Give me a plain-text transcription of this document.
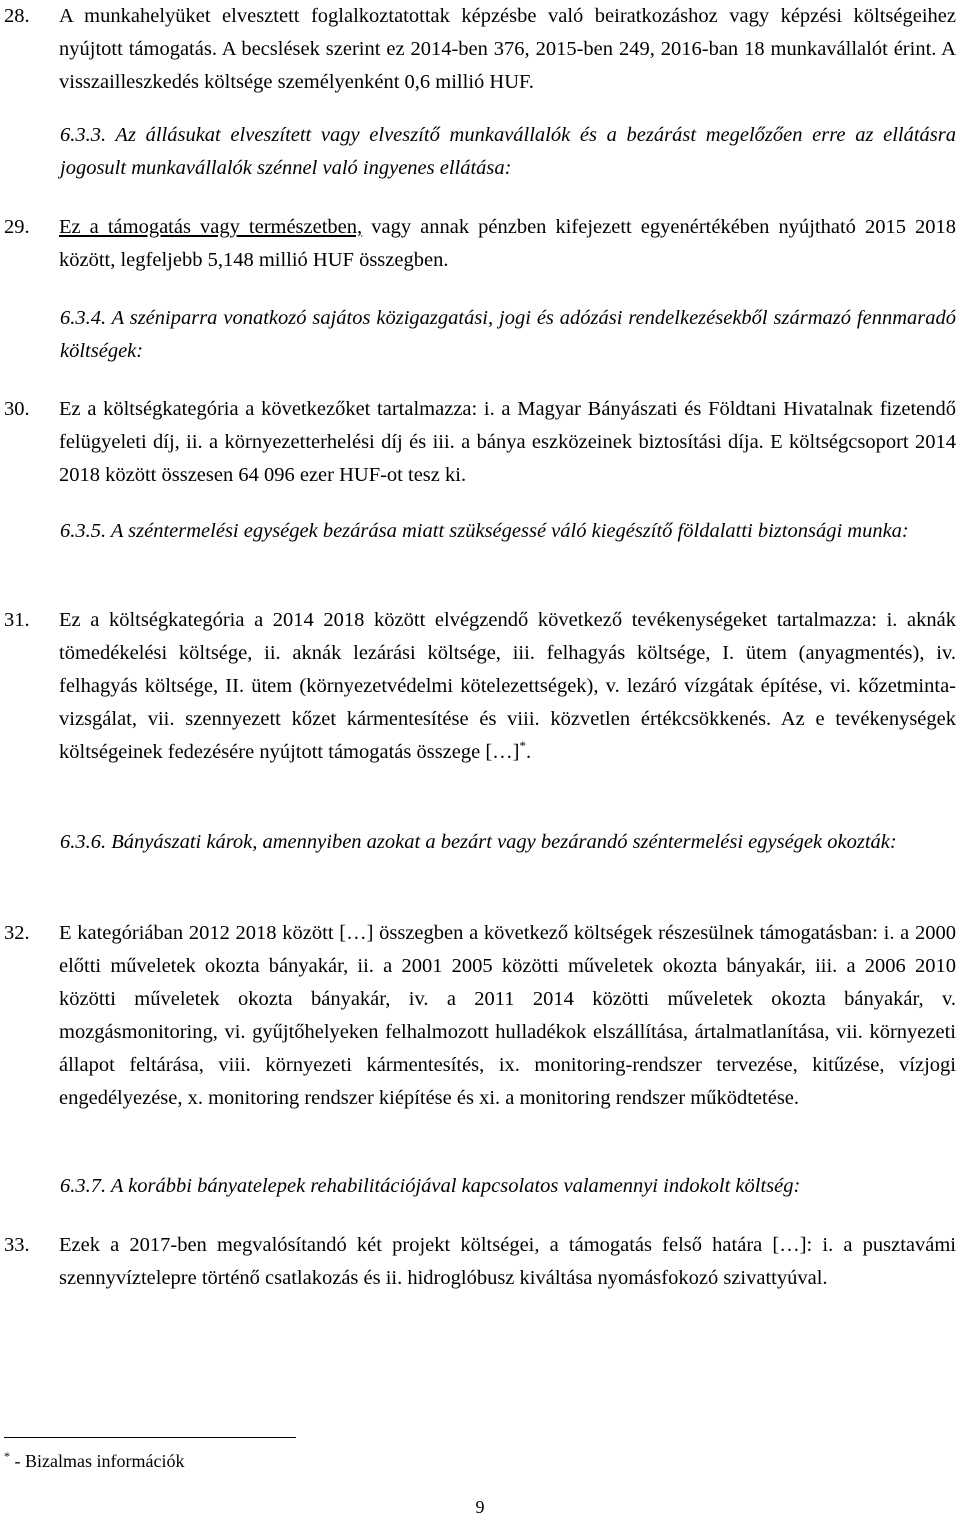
28.	A munkahelyüket elvesztett foglalkoztatottak képzésbe való beiratkozáshoz vagy képzési költségeihez nyújtott támogatás. A becslések szerint ez 2014-ben 376, 2015-ben 249, 2016-ban 18 munkavállalót érint. A visszailleszkedés költsége személyenként 0,6 millió HUF.
6.3.3. Az állásukat elveszített vagy elveszítő munkavállalók és a bezárást megelőzően erre az ellátásra jogosult munkavállalók szénnel való ingyenes ellátása:
29.	Ez a támogatás vagy természetben, vagy annak pénzben kifejezett egyenértékében nyújtható 2015 2018 között, legfeljebb 5,148 millió HUF összegben.
6.3.4. A széniparra vonatkozó sajátos közigazgatási, jogi és adózási rendelkezésekből származó fennmaradó költségek:
30.	Ez a költségkategória a következőket tartalmazza: i. a Magyar Bányászati és Földtani Hivatalnak fizetendő felügyeleti díj, ii. a környezetterhelési díj és iii. a bánya eszközeinek biztosítási díja. E költségcsoport 2014 2018 között összesen 64 096 ezer HUF-ot tesz ki.
6.3.5. A széntermelési egységek bezárása miatt szükségessé váló kiegészítő földalatti biztonsági munka:
31.	Ez a költségkategória a 2014 2018 között elvégzendő következő tevékenységeket tartalmazza: i. aknák tömedékelési költsége, ii. aknák lezárási költsége, iii. felhagyás költsége, I. ütem (anyagmentés), iv. felhagyás költsége, II. ütem (környezetvédelmi kötelezettségek), v. lezáró vízgátak építése, vi. kőzetminta-vizsgálat, vii. szennyezett kőzet kármentesítése és viii. közvetlen értékcsökkenés. Az e tevékenységek költségeinek fedezésére nyújtott támogatás összege […]*.
6.3.6. Bányászati károk, amennyiben azokat a bezárt vagy bezárandó széntermelési egységek okozták:
32.	E kategóriában 2012 2018 között […] összegben a következő költségek részesülnek támogatásban: i. a 2000 előtti műveletek okozta bányakár, ii. a 2001 2005 közötti műveletek okozta bányakár, iii. a 2006 2010 közötti műveletek okozta bányakár, iv. a 2011 2014 közötti műveletek okozta bányakár, v. mozgásmonitoring, vi. gyűjtőhelyeken felhalmozott hulladékok elszállítása, ártalmatlanítása, vii. környezeti állapot feltárása, viii. környezeti kármentesítés, ix. monitoring-rendszer tervezése, kitűzése, vízjogi engedélyezése, x. monitoring rendszer kiépítése és xi. a monitoring rendszer működtetése.
6.3.7. A korábbi bányatelepek rehabilitációjával kapcsolatos valamennyi indokolt költség:
33.	Ezek a 2017-ben megvalósítandó két projekt költségei, a támogatás felső határa […]: i. a pusztavámi szennyvíztelepre történő csatlakozás és ii. hidroglóbusz kiváltása nyomásfokozó szivattyúval.
* - Bizalmas információk
9
